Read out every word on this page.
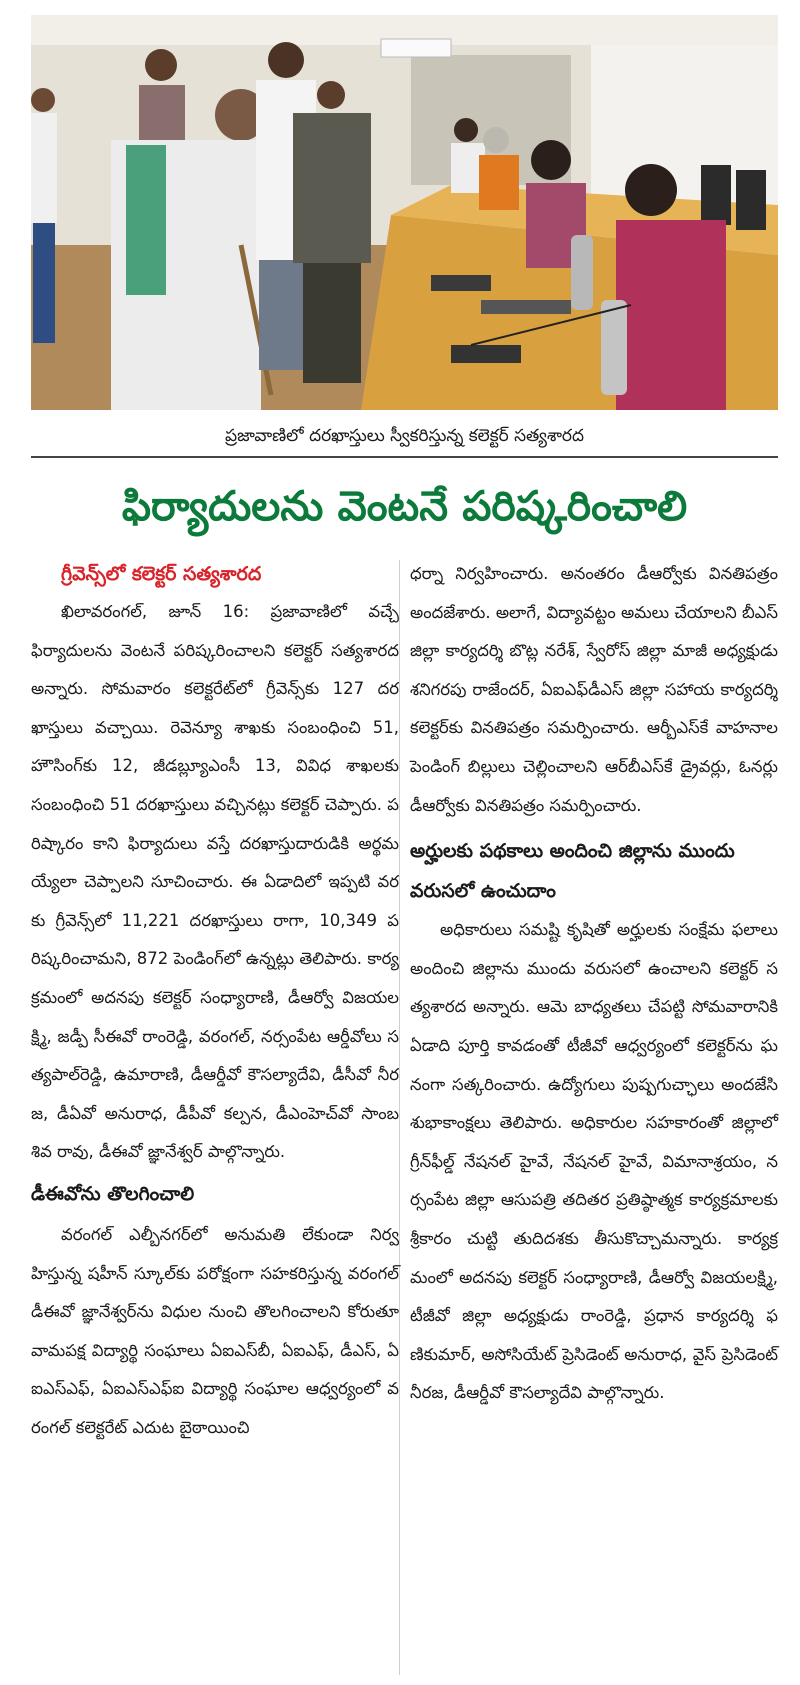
ప్రజావాణిలో దరఖాస్తులు స్వీకరిస్తున్న కలెక్టర్ సత్యశారద
ఫిర్యాదులను వెంటనే పరిష్కరించాలి

గ్రీవెన్స్‌లో కలెక్టర్ సత్యశారద

ఖిలావరంగల్, జూన్ 16: ప్రజావాణిలో వచ్చే ఫిర్యాదులను వెంటనే పరిష్కరించాలని కలెక్టర్ సత్యశారద అన్నారు. సోమవారం కలెక్టరేట్‌లో గ్రీవెన్స్‌కు 127 దరఖాస్తులు వచ్చాయి. రెవెన్యూ శాఖకు సంబంధించి 51, హౌసింగ్‌కు 12, జీడబ్ల్యూఎంసీ 13, వివిధ శాఖలకు సంబంధించి 51 దరఖాస్తులు వచ్చినట్లు కలెక్టర్ చెప్పారు. పరిష్కారం కాని ఫిర్యాదులు వస్తే దరఖాస్తుదారుడికి అర్థమయ్యేలా చెప్పాలని సూచించారు. ఈ ఏడాదిలో ఇప్పటి వరకు గ్రీవెన్స్‌లో 11,221 దరఖాస్తులు రాగా, 10,349 పరిష్కరించామని, 872 పెండింగ్‌లో ఉన్నట్లు తెలిపారు. కార్యక్రమంలో అదనపు కలెక్టర్ సంధ్యారాణి, డీఆర్వో విజయలక్ష్మి, జడ్పీ సీఈవో రాంరెడ్డి, వరంగల్, నర్సంపేట ఆర్డీవోలు సత్యపాల్‌రెడ్డి, ఉమారాణి, డీఆర్డీవో కౌసల్యాదేవి, డీసీవో నీరజ, డీఏవో అనురాధ, డీపీవో కల్పన, డీఎంహెచ్‌వో సాంబశివ రావు, డీఈవో జ్ఞానేశ్వర్ పాల్గొన్నారు.

డీఈవోను తొలగించాలి

వరంగల్ ఎల్బీనగర్‌లో అనుమతి లేకుండా నిర్వహిస్తున్న షహీన్ స్కూల్‌కు పరోక్షంగా సహకరిస్తున్న వరంగల్ డీఈవో జ్ఞానేశ్వర్‌ను విధుల నుంచి తొలగించాలని కోరుతూ వామపక్ష విద్యార్థి సంఘాలు ఏఐఎస్‌బీ, ఏఐఎఫ్, డీఎస్, ఏఐఎస్ఎఫ్, ఏఐఎస్ఎఫ్ఐ విద్యార్థి సంఘాల ఆధ్వర్యంలో వరంగల్ కలెక్టరేట్ ఎదుట బైఠాయించి

ధర్నా నిర్వహించారు. అనంతరం డీఆర్వోకు వినతిపత్రం అందజేశారు. అలాగే, విద్యావట్టం అమలు చేయాలని బీఎస్ జిల్లా కార్యదర్శి బొట్ల నరేశ్, స్వేరోస్ జిల్లా మాజీ అధ్యక్షుడు శనిగరపు రాజేందర్, ఏఐఎఫ్‌డీఎస్ జిల్లా సహాయ కార్యదర్శి కలెక్టర్‌కు వినతిపత్రం సమర్పించారు. ఆర్బీఎస్‌కే వాహనాల పెండింగ్ బిల్లులు చెల్లించాలని ఆర్‌బీఎస్‌కే డ్రైవర్లు, ఓనర్లు డీఆర్వోకు వినతిపత్రం సమర్పించారు.

అర్హులకు పథకాలు అందించి జిల్లాను ముందు వరుసలో ఉంచుదాం

అధికారులు సమష్టి కృషితో అర్హులకు సంక్షేమ ఫలాలు అందించి జిల్లాను ముందు వరుసలో ఉంచాలని కలెక్టర్ సత్యశారద అన్నారు. ఆమె బాధ్యతలు చేపట్టి సోమవారానికి ఏడాది పూర్తి కావడంతో టీజీవో ఆధ్వర్యంలో కలెక్టర్‌ను ఘనంగా సత్కరించారు. ఉద్యోగులు పుష్పగుచ్ఛాలు అందజేసి శుభాకాంక్షలు తెలిపారు. అధికారుల సహకారంతో జిల్లాలో గ్రీన్‌ఫీల్డ్ నేషనల్ హైవే, నేషనల్ హైవే, విమానాశ్రయం, నర్సంపేట జిల్లా ఆసుపత్రి తదితర ప్రతిష్ఠాత్మక కార్యక్రమాలకు శ్రీకారం చుట్టి తుదిదశకు తీసుకొచ్చామన్నారు. కార్యక్రమంలో అదనపు కలెక్టర్ సంధ్యారాణి, డీఆర్వో విజయలక్ష్మి, టీజీవో జిల్లా అధ్యక్షుడు రాంరెడ్డి, ప్రధాన కార్యదర్శి ఫణికుమార్, అసోసియేట్ ప్రెసిడెంట్ అనురాధ, వైస్ ప్రెసిడెంట్ నీరజ, డీఆర్డీవో కౌసల్యాదేవి పాల్గొన్నారు.
